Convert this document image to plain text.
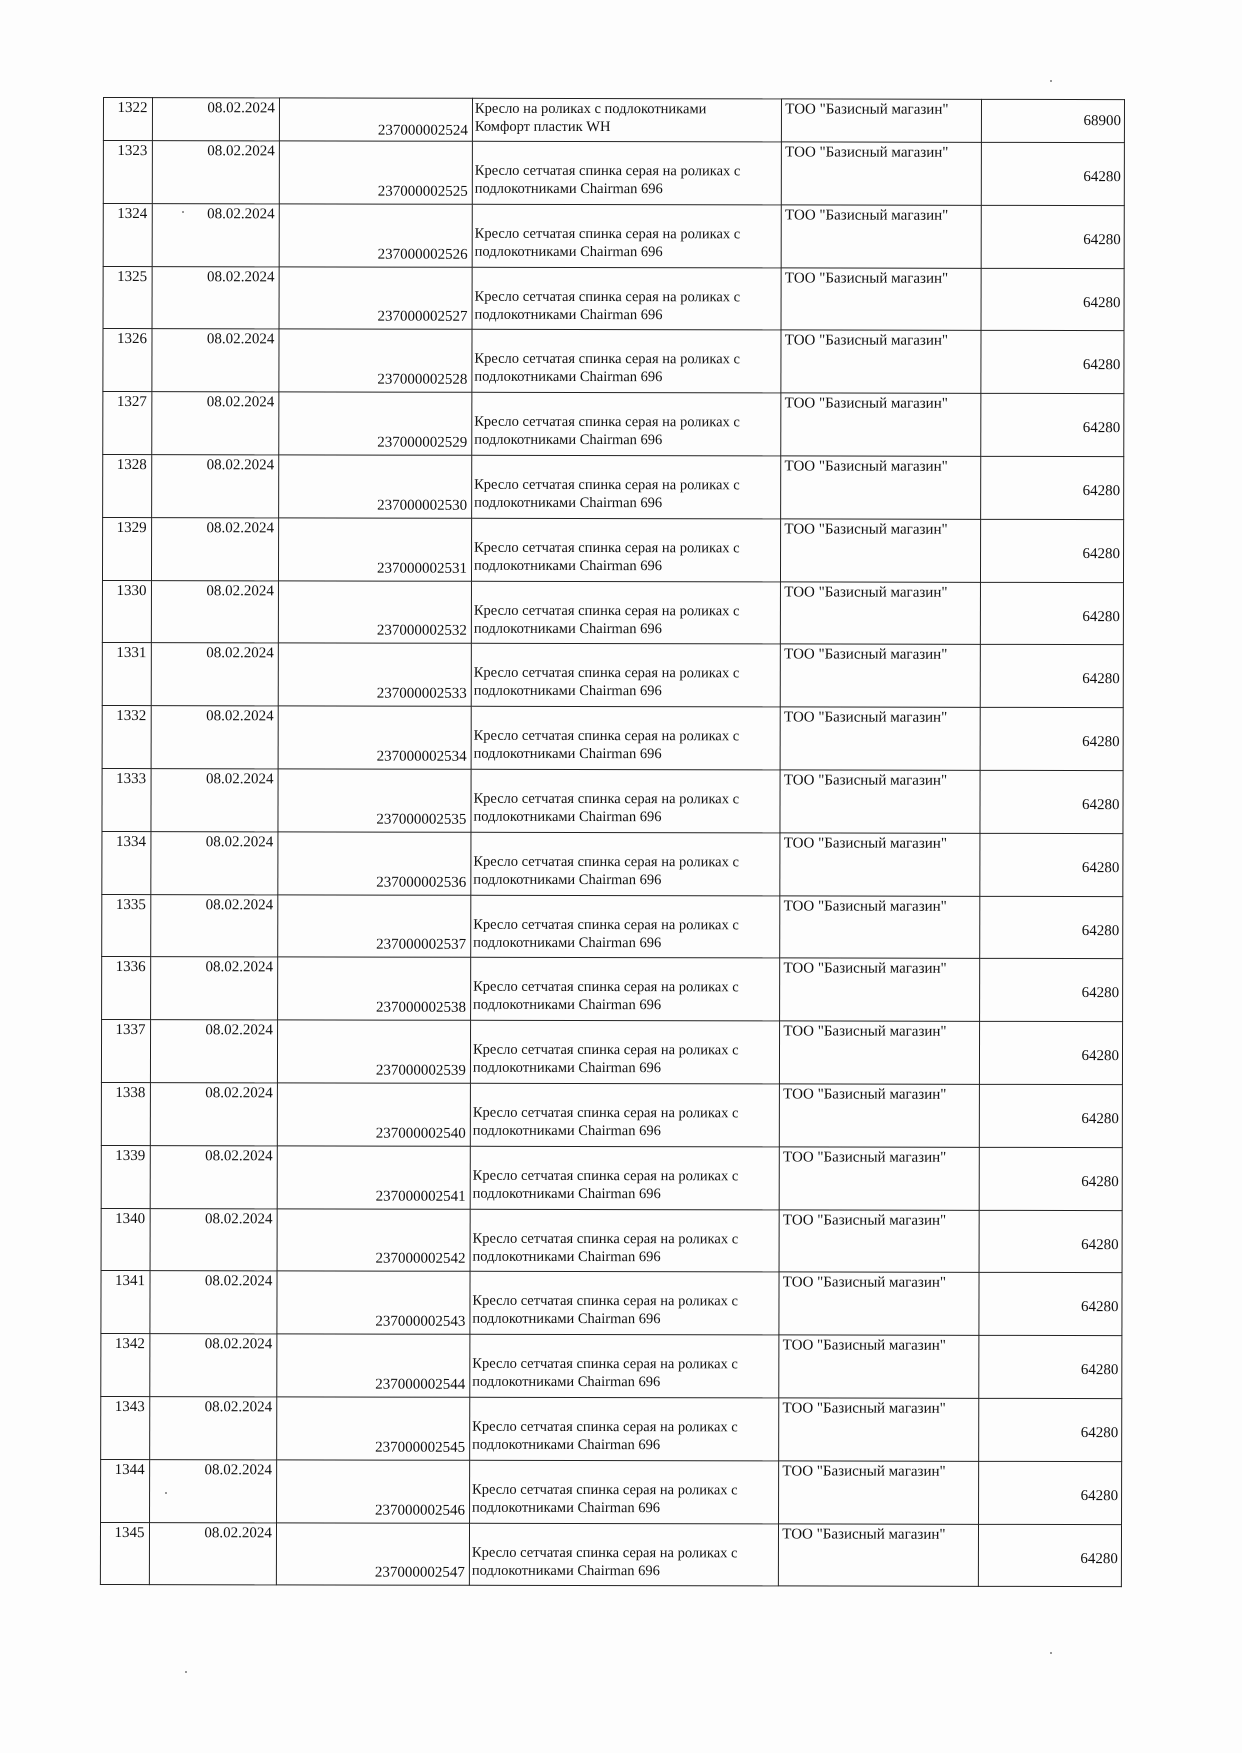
1322	08.02.2024	237000002524	Кресло на роликах с подлокотниками
Комфорт пластик WH	ТОО "Базисный магазин"	68900

1323	08.02.2024	237000002525	Кресло сетчатая спинка серая на роликах с
подлокотниками Chairman 696	ТОО "Базисный магазин"	64280

1324	08.02.2024	237000002526	Кресло сетчатая спинка серая на роликах с
подлокотниками Chairman 696	ТОО "Базисный магазин"	64280

1325	08.02.2024	237000002527	Кресло сетчатая спинка серая на роликах с
подлокотниками Chairman 696	ТОО "Базисный магазин"	64280

1326	08.02.2024	237000002528	Кресло сетчатая спинка серая на роликах с
подлокотниками Chairman 696	ТОО "Базисный магазин"	64280

1327	08.02.2024	237000002529	Кресло сетчатая спинка серая на роликах с
подлокотниками Chairman 696	ТОО "Базисный магазин"	64280

1328	08.02.2024	237000002530	Кресло сетчатая спинка серая на роликах с
подлокотниками Chairman 696	ТОО "Базисный магазин"	64280

1329	08.02.2024	237000002531	Кресло сетчатая спинка серая на роликах с
подлокотниками Chairman 696	ТОО "Базисный магазин"	64280

1330	08.02.2024	237000002532	Кресло сетчатая спинка серая на роликах с
подлокотниками Chairman 696	ТОО "Базисный магазин"	64280

1331	08.02.2024	237000002533	Кресло сетчатая спинка серая на роликах с
подлокотниками Chairman 696	ТОО "Базисный магазин"	64280

1332	08.02.2024	237000002534	Кресло сетчатая спинка серая на роликах с
подлокотниками Chairman 696	ТОО "Базисный магазин"	64280

1333	08.02.2024	237000002535	Кресло сетчатая спинка серая на роликах с
подлокотниками Chairman 696	ТОО "Базисный магазин"	64280

1334	08.02.2024	237000002536	Кресло сетчатая спинка серая на роликах с
подлокотниками Chairman 696	ТОО "Базисный магазин"	64280

1335	08.02.2024	237000002537	Кресло сетчатая спинка серая на роликах с
подлокотниками Chairman 696	ТОО "Базисный магазин"	64280

1336	08.02.2024	237000002538	Кресло сетчатая спинка серая на роликах с
подлокотниками Chairman 696	ТОО "Базисный магазин"	64280

1337	08.02.2024	237000002539	Кресло сетчатая спинка серая на роликах с
подлокотниками Chairman 696	ТОО "Базисный магазин"	64280

1338	08.02.2024	237000002540	Кресло сетчатая спинка серая на роликах с
подлокотниками Chairman 696	ТОО "Базисный магазин"	64280

1339	08.02.2024	237000002541	Кресло сетчатая спинка серая на роликах с
подлокотниками Chairman 696	ТОО "Базисный магазин"	64280

1340	08.02.2024	237000002542	Кресло сетчатая спинка серая на роликах с
подлокотниками Chairman 696	ТОО "Базисный магазин"	64280

1341	08.02.2024	237000002543	Кресло сетчатая спинка серая на роликах с
подлокотниками Chairman 696	ТОО "Базисный магазин"	64280

1342	08.02.2024	237000002544	Кресло сетчатая спинка серая на роликах с
подлокотниками Chairman 696	ТОО "Базисный магазин"	64280

1343	08.02.2024	237000002545	Кресло сетчатая спинка серая на роликах с
подлокотниками Chairman 696	ТОО "Базисный магазин"	64280

1344	08.02.2024	237000002546	Кресло сетчатая спинка серая на роликах с
подлокотниками Chairman 696	ТОО "Базисный магазин"	64280

1345	08.02.2024	237000002547	Кресло сетчатая спинка серая на роликах с
подлокотниками Chairman 696	ТОО "Базисный магазин"	64280
